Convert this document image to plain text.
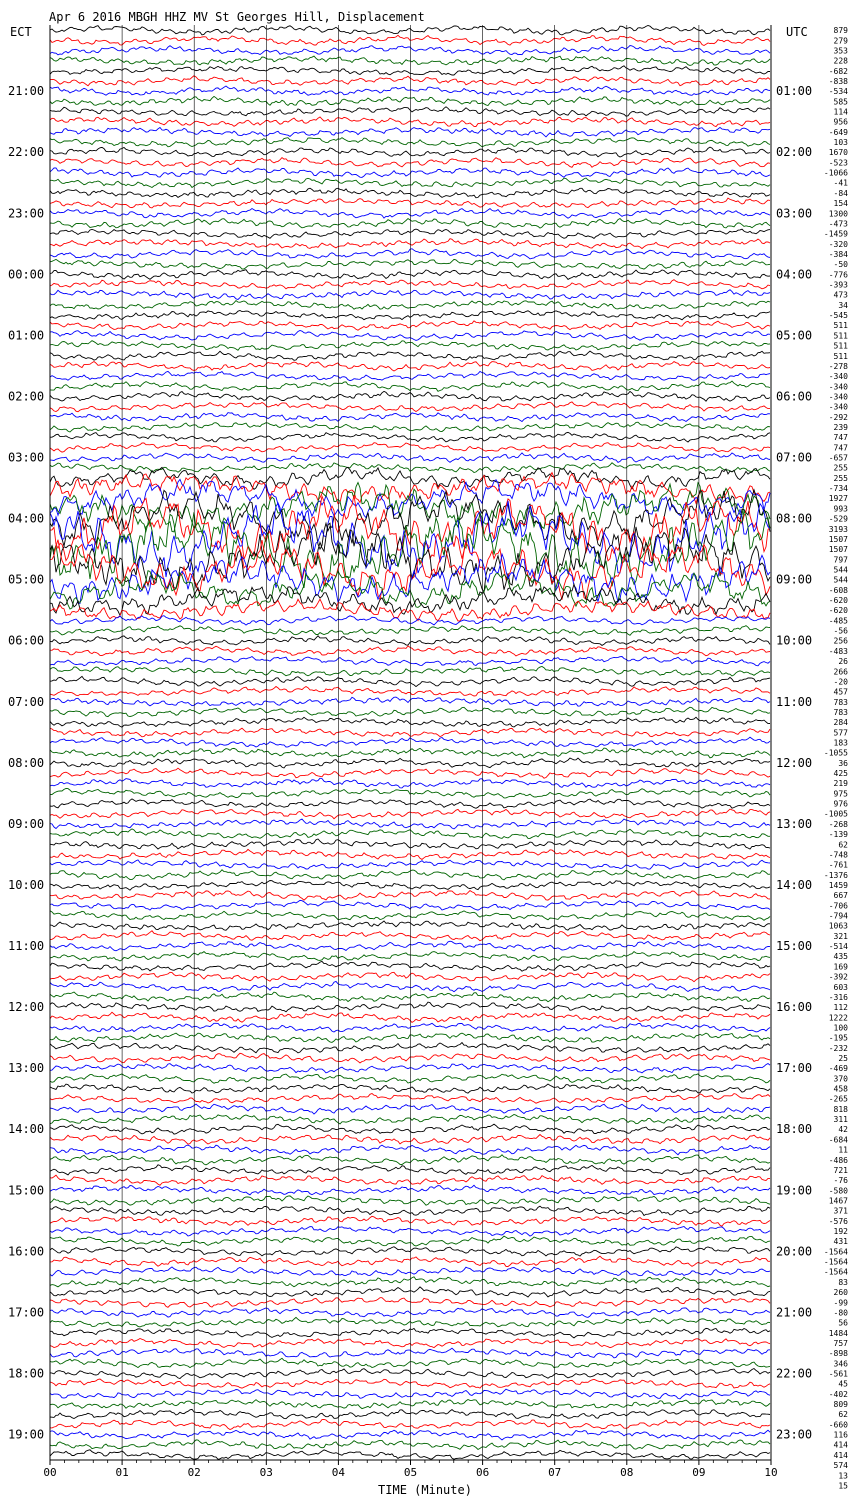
Apr 6 2016 MBGH HHZ MV St Georges Hill, Displacement
ECT	UTC
21:00
22:00
23:00
00:00
01:00
02:00
03:00
04:00
05:00
06:00
07:00
08:00
09:00
10:00
11:00
12:00
13:00
14:00
15:00
16:00
17:00
18:00
19:00
01:00
02:00
03:00
04:00
05:00
06:00
07:00
08:00
09:00
10:00
11:00
12:00
13:00
14:00
15:00
16:00
17:00
18:00
19:00
20:00
21:00
22:00
23:00
879
279
353
228
-682
-838
-534
585
114
956
-649
103
1670
-523
-1066
-41
-84
154
1300
-473
-1459
-320
-384
-50
-776
-393
473
34
-545
511
511
511
511
-278
-340
-340
-340
-340
-292
239
747
747
-657
255
255
-734
1927
993
-529
3193
1507
1507
797
544
544
-608
-620
-620
-485
-56
256
-483
26
266
-20
457
783
783
284
577
183
-1055
36
425
219
975
976
-1005
-268
-139
62
-748
-761
-1376
1459
667
-706
-794
1063
321
-514
435
169
-392
603
-316
112
1222
100
-195
-232
25
-469
370
458
-265
818
311
42
-684
11
-486
721
-76
-580
1467
371
-576
192
431
-1564
-1564
-1564
83
260
-99
-80
56
1484
757
-898
346
-561
45
-402
809
62
-660
116
414
414
574
13
15
00	01	02	03	04	05	06	07	08	09	10
TIME (Minute)
